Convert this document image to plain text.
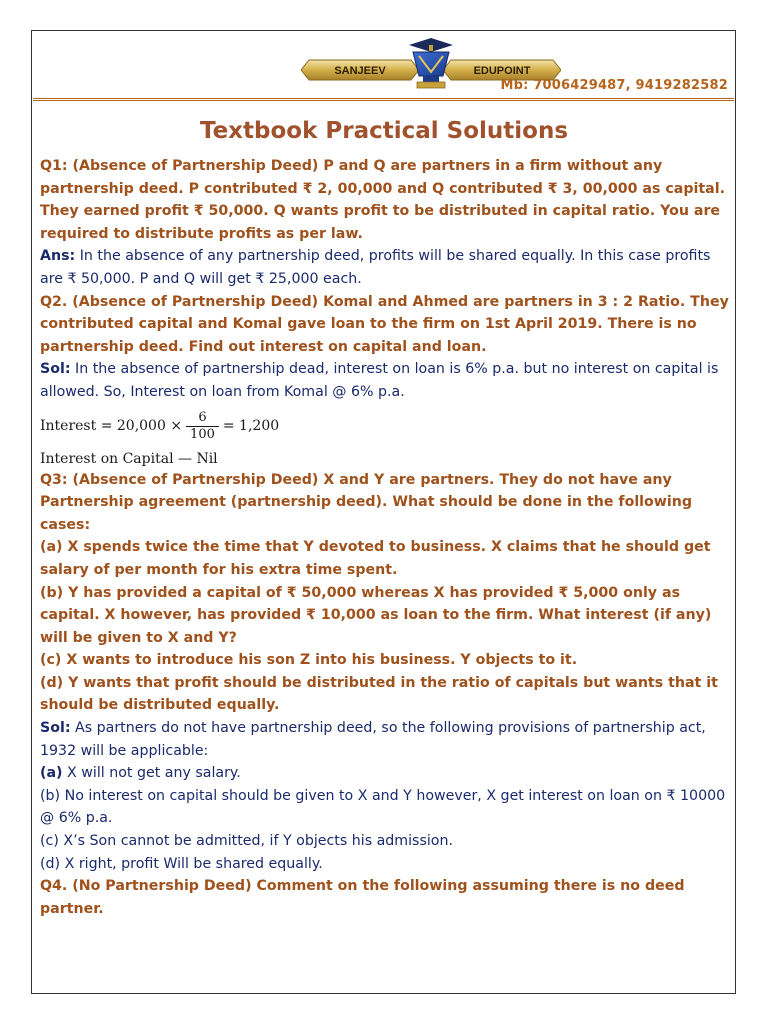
SANJEEV	EDUPOINT
Mb: 7006429487, 9419282582
Textbook Practical Solutions

Q1: (Absence of Partnership Deed) P and Q are partners in a firm without any partnership deed. P contributed ₹ 2, 00,000 and Q contributed ₹ 3, 00,000 as capital. They earned profit ₹ 50,000. Q wants profit to be distributed in capital ratio. You are required to distribute profits as per law.

Ans: In the absence of any partnership deed, profits will be shared equally. In this case profits are ₹ 50,000. P and Q will get ₹ 25,000 each.

Q2. (Absence of Partnership Deed) Komal and Ahmed are partners in 3 : 2 Ratio. They contributed capital and Komal gave loan to the firm on 1st April 2019. There is no partnership deed. Find out interest on capital and loan.

Sol: In the absence of partnership dead, interest on loan is 6% p.a. but no interest on capital is allowed. So, Interest on loan from Komal @ 6% p.a.

Interest = $20,000 \times \frac{6}{100} = 1,200$

Interest on Capital — Nil

Q3: (Absence of Partnership Deed) X and Y are partners. They do not have any Partnership agreement (partnership deed). What should be done in the following cases:

(a) X spends twice the time that Y devoted to business. X claims that he should get salary of per month for his extra time spent.

(b) Y has provided a capital of ₹ 50,000 whereas X has provided ₹ 5,000 only as capital. X however, has provided ₹ 10,000 as loan to the firm. What interest (if any) will be given to X and Y?

(c) X wants to introduce his son Z into his business. Y objects to it.

(d) Y wants that profit should be distributed in the ratio of capitals but wants that it should be distributed equally.

Sol: As partners do not have partnership deed, so the following provisions of partnership act, 1932 will be applicable:

(a) X will not get any salary.

(b) No interest on capital should be given to X and Y however, X get interest on loan on ₹ 10000 @ 6% p.a.

(c) X’s Son cannot be admitted, if Y objects his admission.

(d) X right, profit Will be shared equally.

Q4. (No Partnership Deed) Comment on the following assuming there is no deed partner.
